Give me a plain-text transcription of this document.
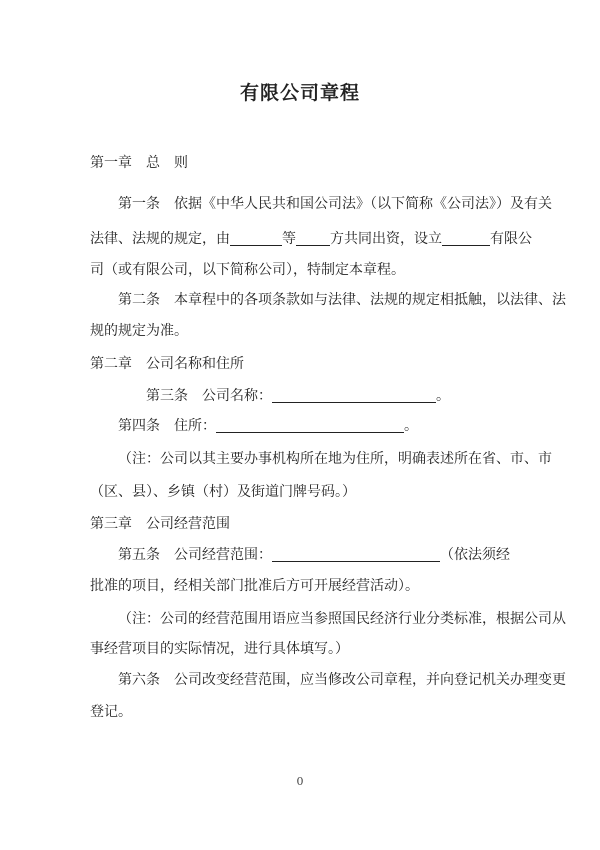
有限公司章程
第一章 总　则
第一条 依据《中华人民共和国公司法》（以下简称《公司法》）及有关
法律、法规的规定，由	等 方共同出资，设立	有限公
司（或有限公司，以下简称公司），特制定本章程。
第二条 本章程中的各项条款如与法律、法规的规定相抵触，以法律、法
规的规定为准。
第二章 公司名称和住所
第三条 公司名称：	。
第四条 住所：	。
（注：公司以其主要办事机构所在地为住所，明确表述所在省、市、市
（区、县）、乡镇（村）及街道门牌号码。）
第三章 公司经营范围
第五条 公司经营范围：	（依法须经
批准的项目，经相关部门批准后方可开展经营活动）。
（注：公司的经营范围用语应当参照国民经济行业分类标准，根据公司从
事经营项目的实际情况，进行具体填写。）
第六条 公司改变经营范围，应当修改公司章程，并向登记机关办理变更
登记。
0
